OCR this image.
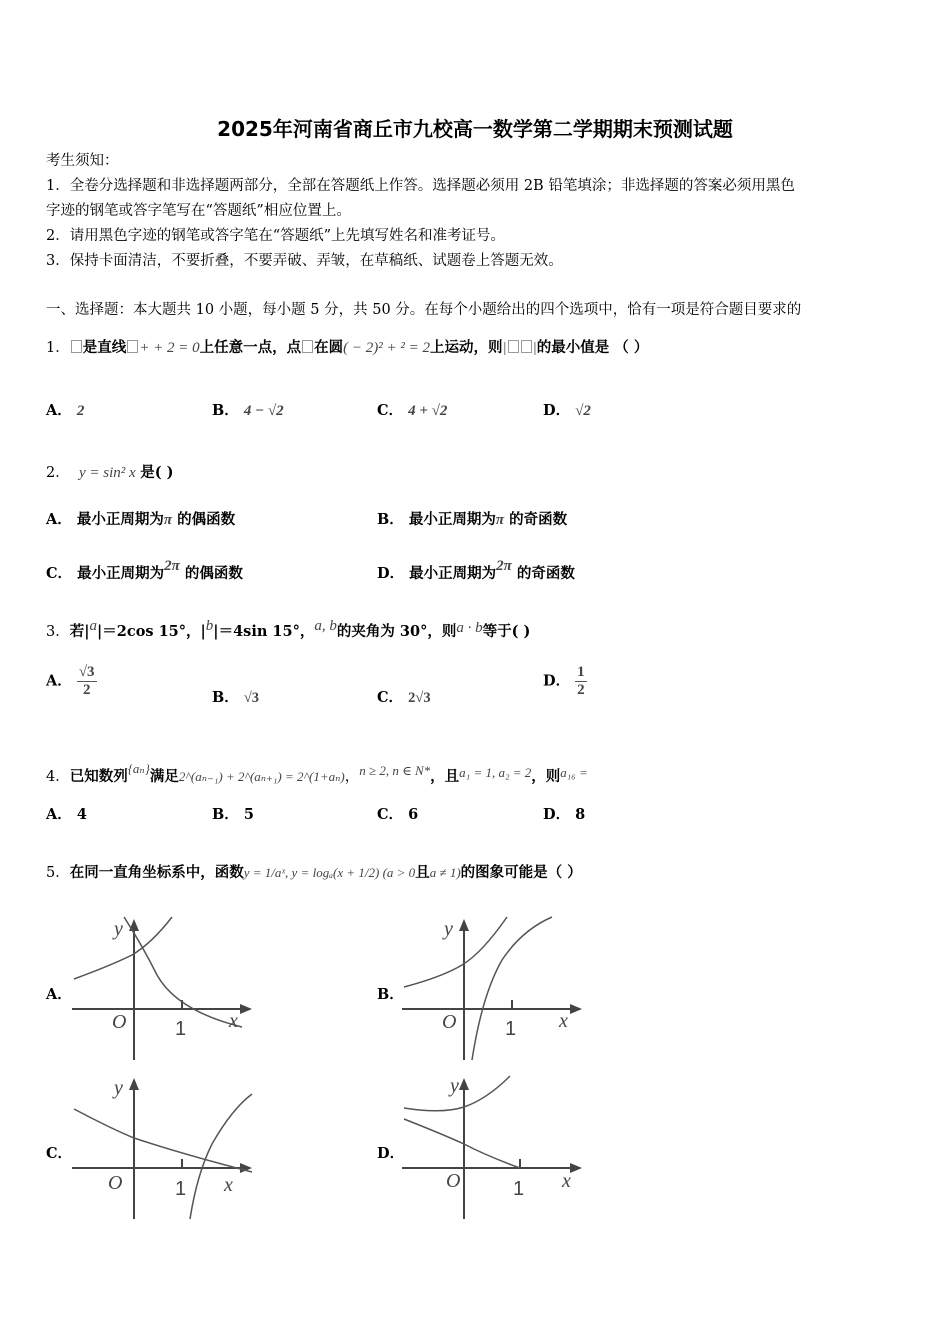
2025年河南省商丘市九校高一数学第二学期期末预测试题
考生须知：
1．全卷分选择题和非选择题两部分，全部在答题纸上作答。选择题必须用 2B 铅笔填涂；非选择题的答案必须用黑色
字迹的钢笔或答字笔写在“答题纸”相应位置上。
2．请用黑色字迹的钢笔或答字笔在“答题纸”上先填写姓名和准考证号。
3．保持卡面清洁，不要折叠，不要弄破、弄皱，在草稿纸、试题卷上答题无效。
一、选择题：本大题共 10 小题，每小题 5 分，共 50 分。在每个小题给出的四个选项中，恰有一项是符合题目要求的
1． 是直线 + + 2 = 0上任意一点，点 在圆( − 2)² + ² = 2上运动，则| |的最小值是 （ ）
A． 2	B． 4 − √2	C． 4 + √2	D． √2
2． y = sin² x 是( )
A． 最小正周期为π 的偶函数	B． 最小正周期为π 的奇函数
C． 最小正周期为2π 的偶函数	D． 最小正周期为2π 的奇函数
3．若|a|＝2cos 15°，|b|＝4sin 15°，a, b的夹角为 30°，则a · b等于( )
A． $\frac{√3}{2}$	B． √3	C． 2√3
D． $\frac{1}{2}$
4．已知数列{aₙ}满足2^(aₙ₋₁) + 2^(aₙ₊₁) = 2^(1+aₙ)，n ≥ 2, n ∈ N*，且a₁ = 1, a₂ = 2，则a₁₆ =
A． 4	B． 5	C． 6	D． 8
5．在同一直角坐标系中，函数y = 1/aˣ, y = logₐ(x + 1/2) (a > 0且a ≠ 1)的图象可能是（ ）
A．	B．
C．	D．
y
O 1 x
y
O 1 x
y
O	1 x
y
O	1 x
